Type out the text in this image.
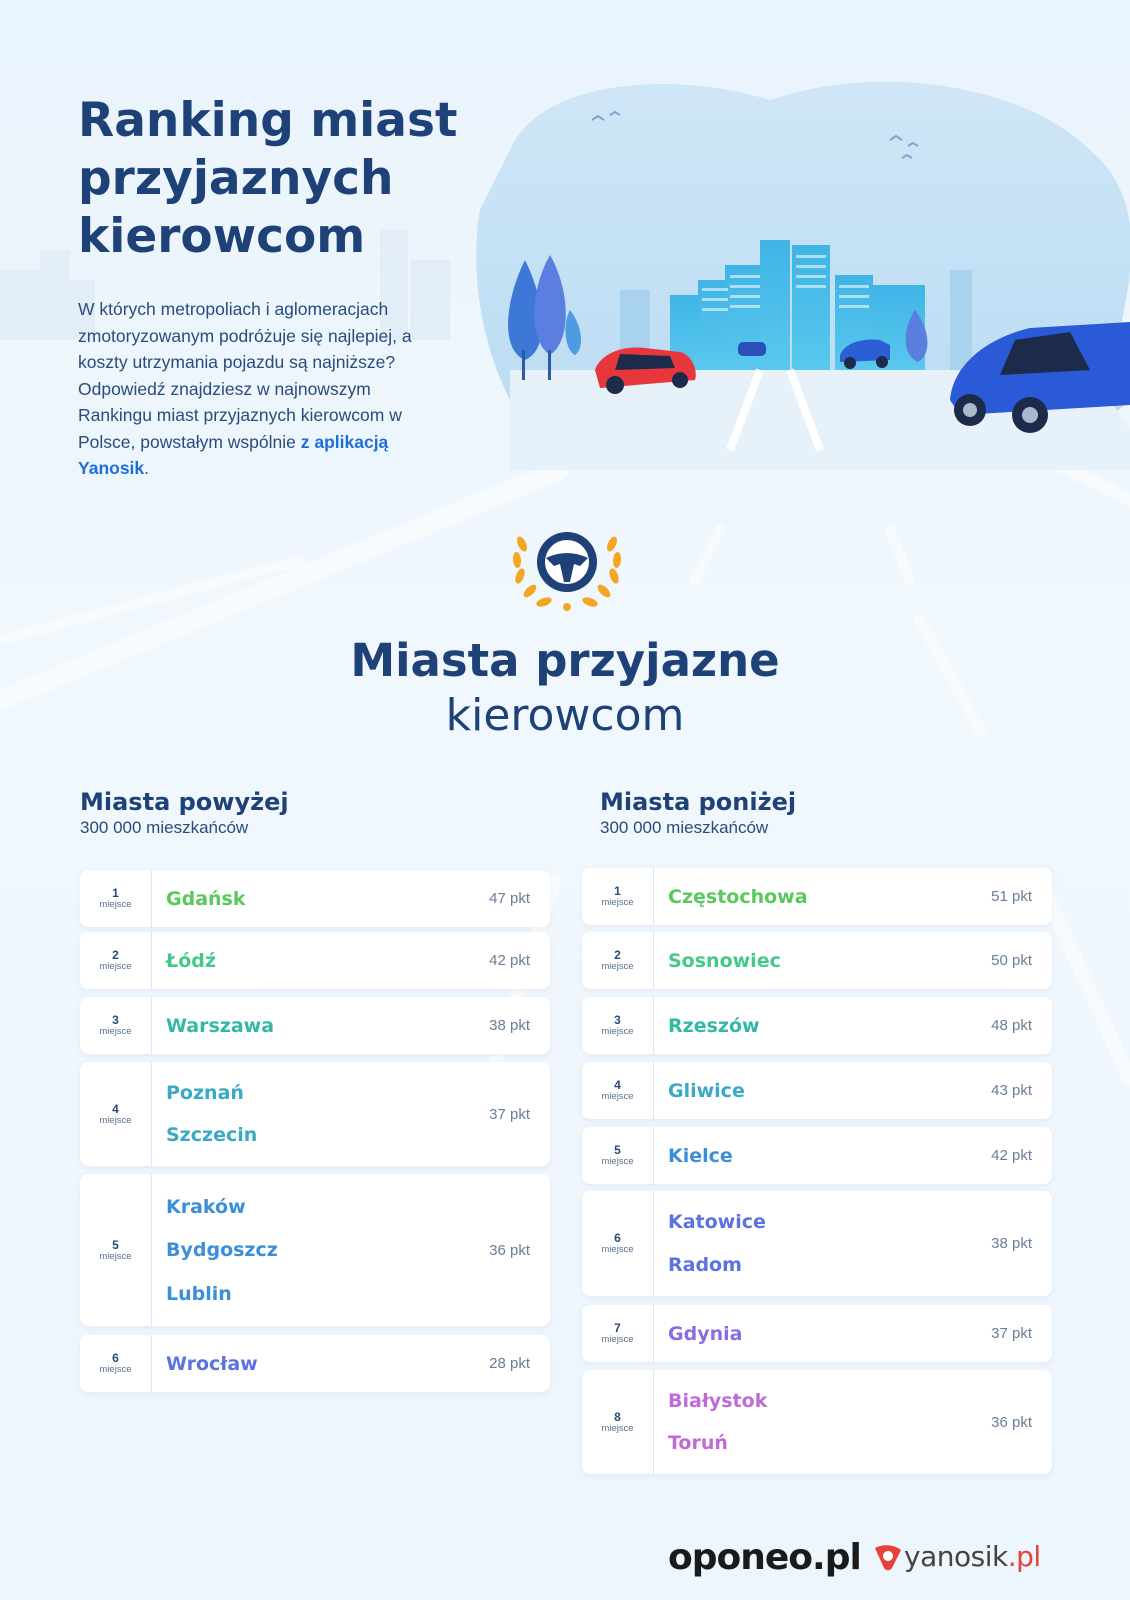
Ranking miast przyjaznych kierowcom
W których metropoliach i aglomeracjach zmotoryzowanym podróżuje się najlepiej, a koszty utrzymania pojazdu są najniższe? Odpowiedź znajdziesz w najnowszym Rankingu miast przyjaznych kierowcom w Polsce, powstałym wspólnie z aplikacją Yanosik.
Miasta przyjazne
kierowcom
Miasta powyżej
300 000 mieszkańców
Miasta poniżej
300 000 mieszkańców
1
miejsce Gdańsk	47 pkt
2
miejsce Łódź	42 pkt
3
miejsce Warszawa	38 pkt
4
miejsce
Poznań
Szczecin
37 pkt
5
miejsce
Kraków
Bydgoszcz
Lublin
36 pkt
6
miejsce Wrocław	28 pkt
1
miejsce Częstochowa	51 pkt
2
miejsce Sosnowiec	50 pkt
3
miejsce Rzeszów	48 pkt
4
miejsce Gliwice	43 pkt
5
miejsce Kielce	42 pkt
6
miejsce
Katowice
Radom
38 pkt
7
miejsce Gdynia	37 pkt
8
miejsce
Białystok
Toruń
36 pkt
oponeo.pl yanosik.pl
